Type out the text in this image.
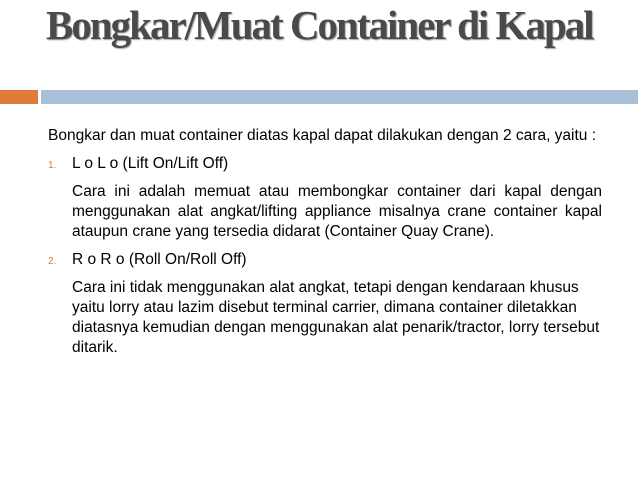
Bongkar/Muat Container di Kapal

Bongkar dan muat container diatas kapal dapat dilakukan dengan 2 cara, yaitu :

1. L o L o (Lift On/Lift Off)

Cara ini adalah memuat atau membongkar container dari kapal dengan menggunakan alat angkat/lifting appliance misalnya crane container kapal ataupun crane yang tersedia didarat (Container Quay Crane).

2. R o R o (Roll On/Roll Off)

Cara ini tidak menggunakan alat angkat, tetapi dengan kendaraan khusus yaitu lorry atau lazim disebut terminal carrier, dimana container diletakkan diatasnya kemudian dengan menggunakan alat penarik/tractor, lorry tersebut ditarik.
